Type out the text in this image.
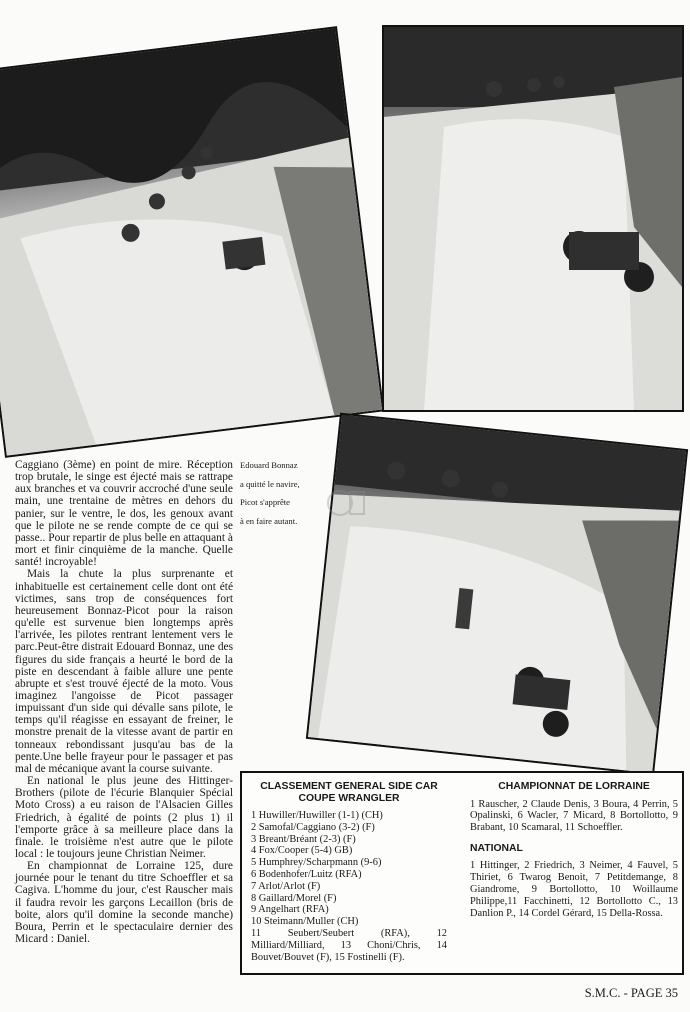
Caggiano (3ème) en point de mire. Réception trop brutale, le singe est éjecté mais se rattrape aux branches et va couvrir accroché d'une seule main, une trentaine de mètres en dehors du panier, sur le ventre, le dos, les genoux avant que le pilote ne se rende compte de ce qui se passe.. Pour repartir de plus belle en attaquant à mort et finir cinquième de la manche. Quelle santé! incroyable!

Mais la chute la plus surprenante et inhabituelle est certainement celle dont ont été victimes, sans trop de conséquences fort heureusement Bonnaz-Picot pour la raison qu'elle est survenue bien longtemps après l'arrivée, les pilotes rentrant lentement vers le parc.Peut-être distrait Edouard Bonnaz, une des figures du side français a heurté le bord de la piste en descendant à faible allure une pente abrupte et s'est trouvé éjecté de la moto. Vous imaginez l'angoisse de Picot passager impuissant d'un side qui dévalle sans pilote, le temps qu'il réagisse en essayant de freiner, le monstre prenait de la vitesse avant de partir en tonneaux rebondissant jusqu'au bas de la pente.Une belle frayeur pour le passager et pas mal de mécanique avant la course suivante.

En national le plus jeune des Hittinger-Brothers (pilote de l'écurie Blanquier Spécial Moto Cross) a eu raison de l'Alsacien Gilles Friedrich, à égalité de points (2 plus 1) il l'emporte grâce à sa meilleure place dans la finale. le troisième n'est autre que le pilote local : le toujours jeune Christian Neimer.

En championnat de Lorraine 125, dure journée pour le tenant du titre Schoeffler et sa Cagiva. L'homme du jour, c'est Rauscher mais il faudra revoir les garçons Lecaillon (bris de boite, alors qu'il domine la seconde manche) Boura, Perrin et le spectaculaire dernier des Micard : Daniel.

Edouard Bonnaz
a quitté le navire,
Picot s'apprête
à en faire autant.
CLASSEMENT GENERAL SIDE CAR COUPE WRANGLER
1 Huwiller/Huwiller (1-1) (CH)
2 Samofal/Caggiano (3-2) (F)
3 Breant/Bréant (2-3) (F)
4 Fox/Cooper (5-4) GB)
5 Humphrey/Scharpmann (9-6)
6 Bodenhofer/Luitz (RFA)
7 Arlot/Arlot (F)
8 Gaillard/Morel (F)
9 Angelhart (RFA)
10 Steimann/Muller (CH)
11 Seubert/Seubert (RFA), 12 Milliard/Milliard, 13 Choni/Chris, 14 Bouvet/Bouvet (F), 15 Fostinelli (F).
CHAMPIONNAT DE LORRAINE

1 Rauscher, 2 Claude Denis, 3 Boura, 4 Perrin, 5 Opalinski, 6 Wacler, 7 Micard, 8 Bortollotto, 9 Brabant, 10 Scamaral, 11 Schoeffler.

NATIONAL

1 Hittinger, 2 Friedrich, 3 Neimer, 4 Fauvel, 5 Thiriet, 6 Twarog Benoit, 7 Petitdemange, 8 Giandrome, 9 Bortollotto, 10 Woillaume Philippe,11 Facchinetti, 12 Bortollotto C., 13 Danlion P., 14 Cordel Gérard, 15 Della-Rossa.

S.M.C. - PAGE 35
